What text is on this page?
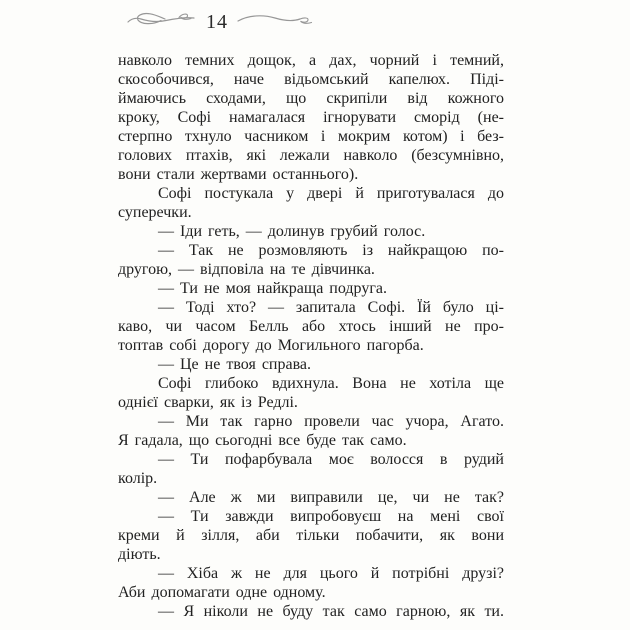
14
навколо темних дощок, а дах, чорний і темний,
скособочився, наче відьомський капелюх. Піді-
ймаючись сходами, що скрипіли від кожного
кроку, Софі намагалася ігнорувати сморід (не-
стерпно тхнуло часником і мокрим котом) і без-
голових птахів, які лежали навколо (безсумнівно,
вони стали жертвами останнього).
Софі постукала у двері й приготувалася до
суперечки.
— Іди геть, — долинув грубий голос.
— Так не розмовляють із найкращою по-
другою, — відповіла на те дівчинка.
— Ти не моя найкраща подруга.
— Тоді хто? — запитала Софі. Їй було ці-
каво, чи часом Белль або хтось інший не про-
топтав собі дорогу до Могильного пагорба.
— Це не твоя справа.
Софі глибоко вдихнула. Вона не хотіла ще
однієї сварки, як із Редлі.
— Ми так гарно провели час учора, Агато.
Я гадала, що сьогодні все буде так само.
— Ти пофарбувала моє волосся в рудий
колір.
— Але ж ми виправили це, чи не так?
— Ти завжди випробовуєш на мені свої
креми й зілля, аби тільки побачити, як вони
діють.
— Хіба ж не для цього й потрібні друзі?
Аби допомагати одне одному.
— Я ніколи не буду так само гарною, як ти.
